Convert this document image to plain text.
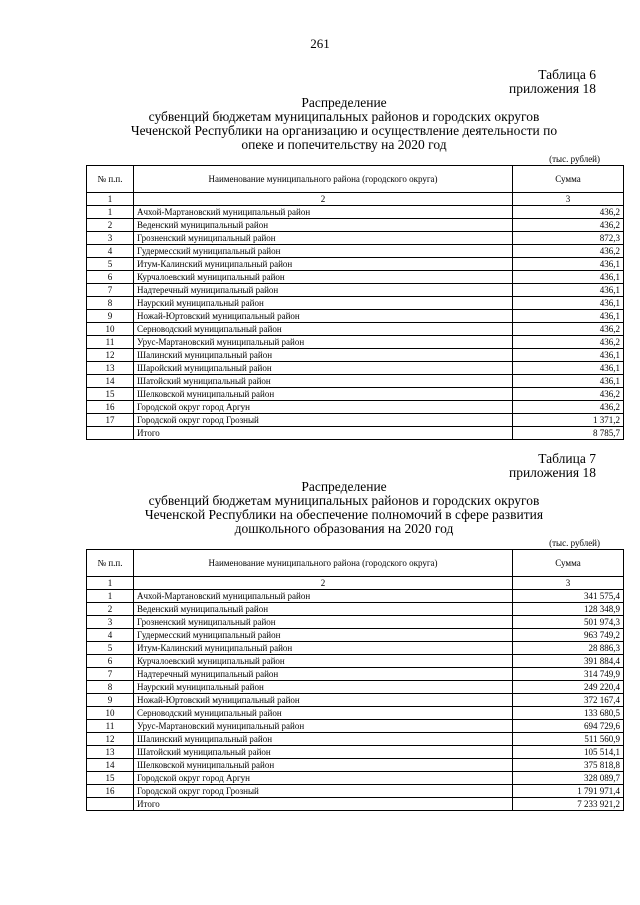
261
Таблица 6
приложения 18
Распределение
субвенций бюджетам муниципальных районов и городских округов
Чеченской Республики на организацию и осуществление деятельности по
опеке и попечительству на 2020 год
(тыс. рублей)
№ п.п.	Наименование муниципального района (городского округа)	Сумма
1	2	3
1	Ачхой-Мартановский муниципальный район	436,2
2	Веденский муниципальный район	436,2
3	Грозненский муниципальный район	872,3
4	Гудермесский муниципальный район	436,2
5	Итум-Калинский муниципальный район	436,1
6	Курчалоевский муниципальный район	436,1
7	Надтеречный муниципальный район	436,1
8	Наурский муниципальный район	436,1
9	Ножай-Юртовский муниципальный район	436,1
10	Серноводский муниципальный район	436,2
11	Урус-Мартановский муниципальный район	436,2
12	Шалинский муниципальный район	436,1
13	Шаройский муниципальный район	436,1
14	Шатойский муниципальный район	436,1
15	Шелковской муниципальный район	436,2
16	Городской округ город Аргун	436,2
17	Городской округ город Грозный	1 371,2
	Итого	8 785,7
Таблица 7
приложения 18
Распределение
субвенций бюджетам муниципальных районов и городских округов
Чеченской Республики на обеспечение полномочий в сфере развития
дошкольного образования на 2020 год
(тыс. рублей)
№ п.п.	Наименование муниципального района (городского округа)	Сумма
1	2	3
1	Ачхой-Мартановский муниципальный район	341 575,4
2	Веденский муниципальный район	128 348,9
3	Грозненский муниципальный район	501 974,3
4	Гудермесский муниципальный район	963 749,2
5	Итум-Калинский муниципальный район	28 886,3
6	Курчалоевский муниципальный район	391 884,4
7	Надтеречный муниципальный район	314 749,9
8	Наурский муниципальный район	249 220,4
9	Ножай-Юртовский муниципальный район	372 167,4
10	Серноводский муниципальный район	133 680,5
11	Урус-Мартановский муниципальный район	694 729,6
12	Шалинский муниципальный район	511 560,9
13	Шатойский муниципальный район	105 514,1
14	Шелковской муниципальный район	375 818,8
15	Городской округ город Аргун	328 089,7
16	Городской округ город Грозный	1 791 971,4
	Итого	7 233 921,2
